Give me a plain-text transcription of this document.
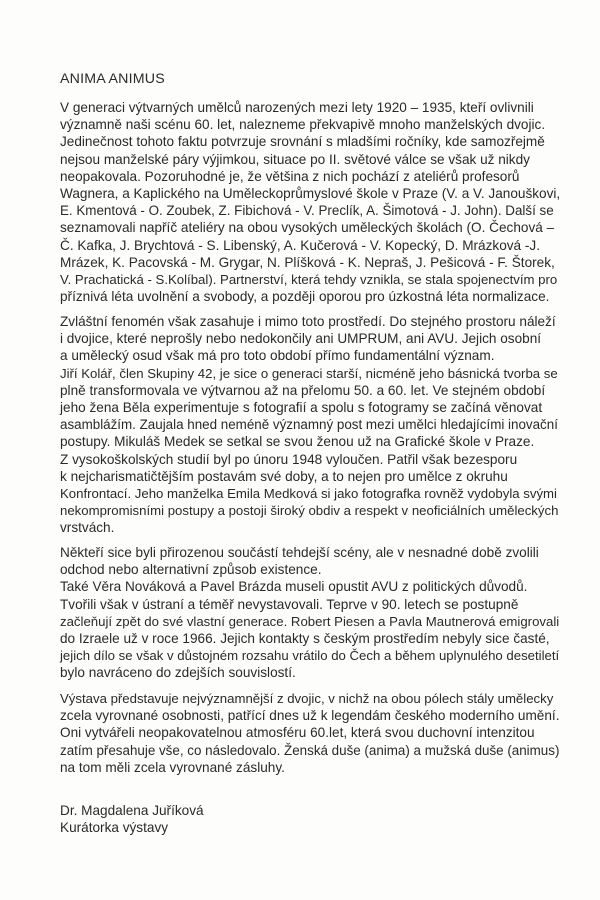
ANIMA ANIMUS
V generaci výtvarných umělců narozených mezi lety 1920 – 1935, kteří ovlivnili
významně naši scénu 60. let, nalezneme překvapivě mnoho manželských dvojic.
Jedinečnost tohoto faktu potvrzuje srovnání s mladšími ročníky, kde samozřejmě
nejsou manželské páry výjimkou, situace po II. světové válce se však už nikdy
neopakovala. Pozoruhodné je, že většina z nich pochází z ateliérů profesorů
Wagnera, a Kaplického na Uměleckoprůmyslové škole v Praze (V. a V. Janouškovi,
E. Kmentová - O. Zoubek, Z. Fibichová - V. Preclík, A. Šimotová - J. John). Další se
seznamovali napříč ateliéry na obou vysokých uměleckých školách (O. Čechová –
Č. Kafka, J. Brychtová - S. Libenský, A. Kučerová - V. Kopecký, D. Mrázková -J.
Mrázek, K. Pacovská - M. Grygar, N. Plíšková - K. Nepraš, J. Pešicová - F. Štorek,
V. Prachatická - S.Kolíbal). Partnerství, která tehdy vznikla, se stala spojenectvím pro
příznivá léta uvolnění a svobody, a později oporou pro úzkostná léta normalizace.
Zvláštní fenomén však zasahuje i mimo toto prostředí. Do stejného prostoru náleží
i dvojice, které neprošly nebo nedokončily ani UMPRUM, ani AVU. Jejich osobní
a umělecký osud však má pro toto období přímo fundamentální význam.
Jiří Kolář, člen Skupiny 42, je sice o generaci starší, nicméně jeho básnická tvorba se
plně transformovala ve výtvarnou až na přelomu 50. a 60. let. Ve stejném období
jeho žena Běla experimentuje s fotografií a spolu s fotogramy se začíná věnovat
asamblážím. Zaujala hned neméně významný post mezi umělci hledajícími inovační
postupy. Mikuláš Medek se setkal se svou ženou už na Grafické škole v Praze.
Z vysokoškolských studií byl po únoru 1948 vyloučen. Patřil však bezesporu
k nejcharismatičtějším postavám své doby, a to nejen pro umělce z okruhu
Konfrontací. Jeho manželka Emila Medková si jako fotografka rovněž vydobyla svými
nekompromisními postupy a postoji široký obdiv a respekt v neoficiálních uměleckých
vrstvách.
Někteří sice byli přirozenou součástí tehdejší scény, ale v nesnadné době zvolili
odchod nebo alternativní způsob existence.
Také Věra Nováková a Pavel Brázda museli opustit AVU z politických důvodů.
Tvořili však v ústraní a téměř nevystavovali. Teprve v 90. letech se postupně
začleňují zpět do své vlastní generace. Robert Piesen a Pavla Mautnerová emigrovali
do Izraele už v roce 1966. Jejich kontakty s českým prostředím nebyly sice časté,
jejich dílo se však v důstojném rozsahu vrátilo do Čech a během uplynulého desetiletí
bylo navráceno do zdejších souvislostí.
Výstava představuje nejvýznamnější z dvojic, v nichž na obou pólech stály umělecky
zcela vyrovnané osobnosti, patřící dnes už k legendám českého moderního umění.
Oni vytvářeli neopakovatelnou atmosféru 60.let, která svou duchovní intenzitou
zatím přesahuje vše, co následovalo. Ženská duše (anima) a mužská duše (animus)
na tom měli zcela vyrovnané zásluhy.
Dr. Magdalena Juříková
Kurátorka výstavy
